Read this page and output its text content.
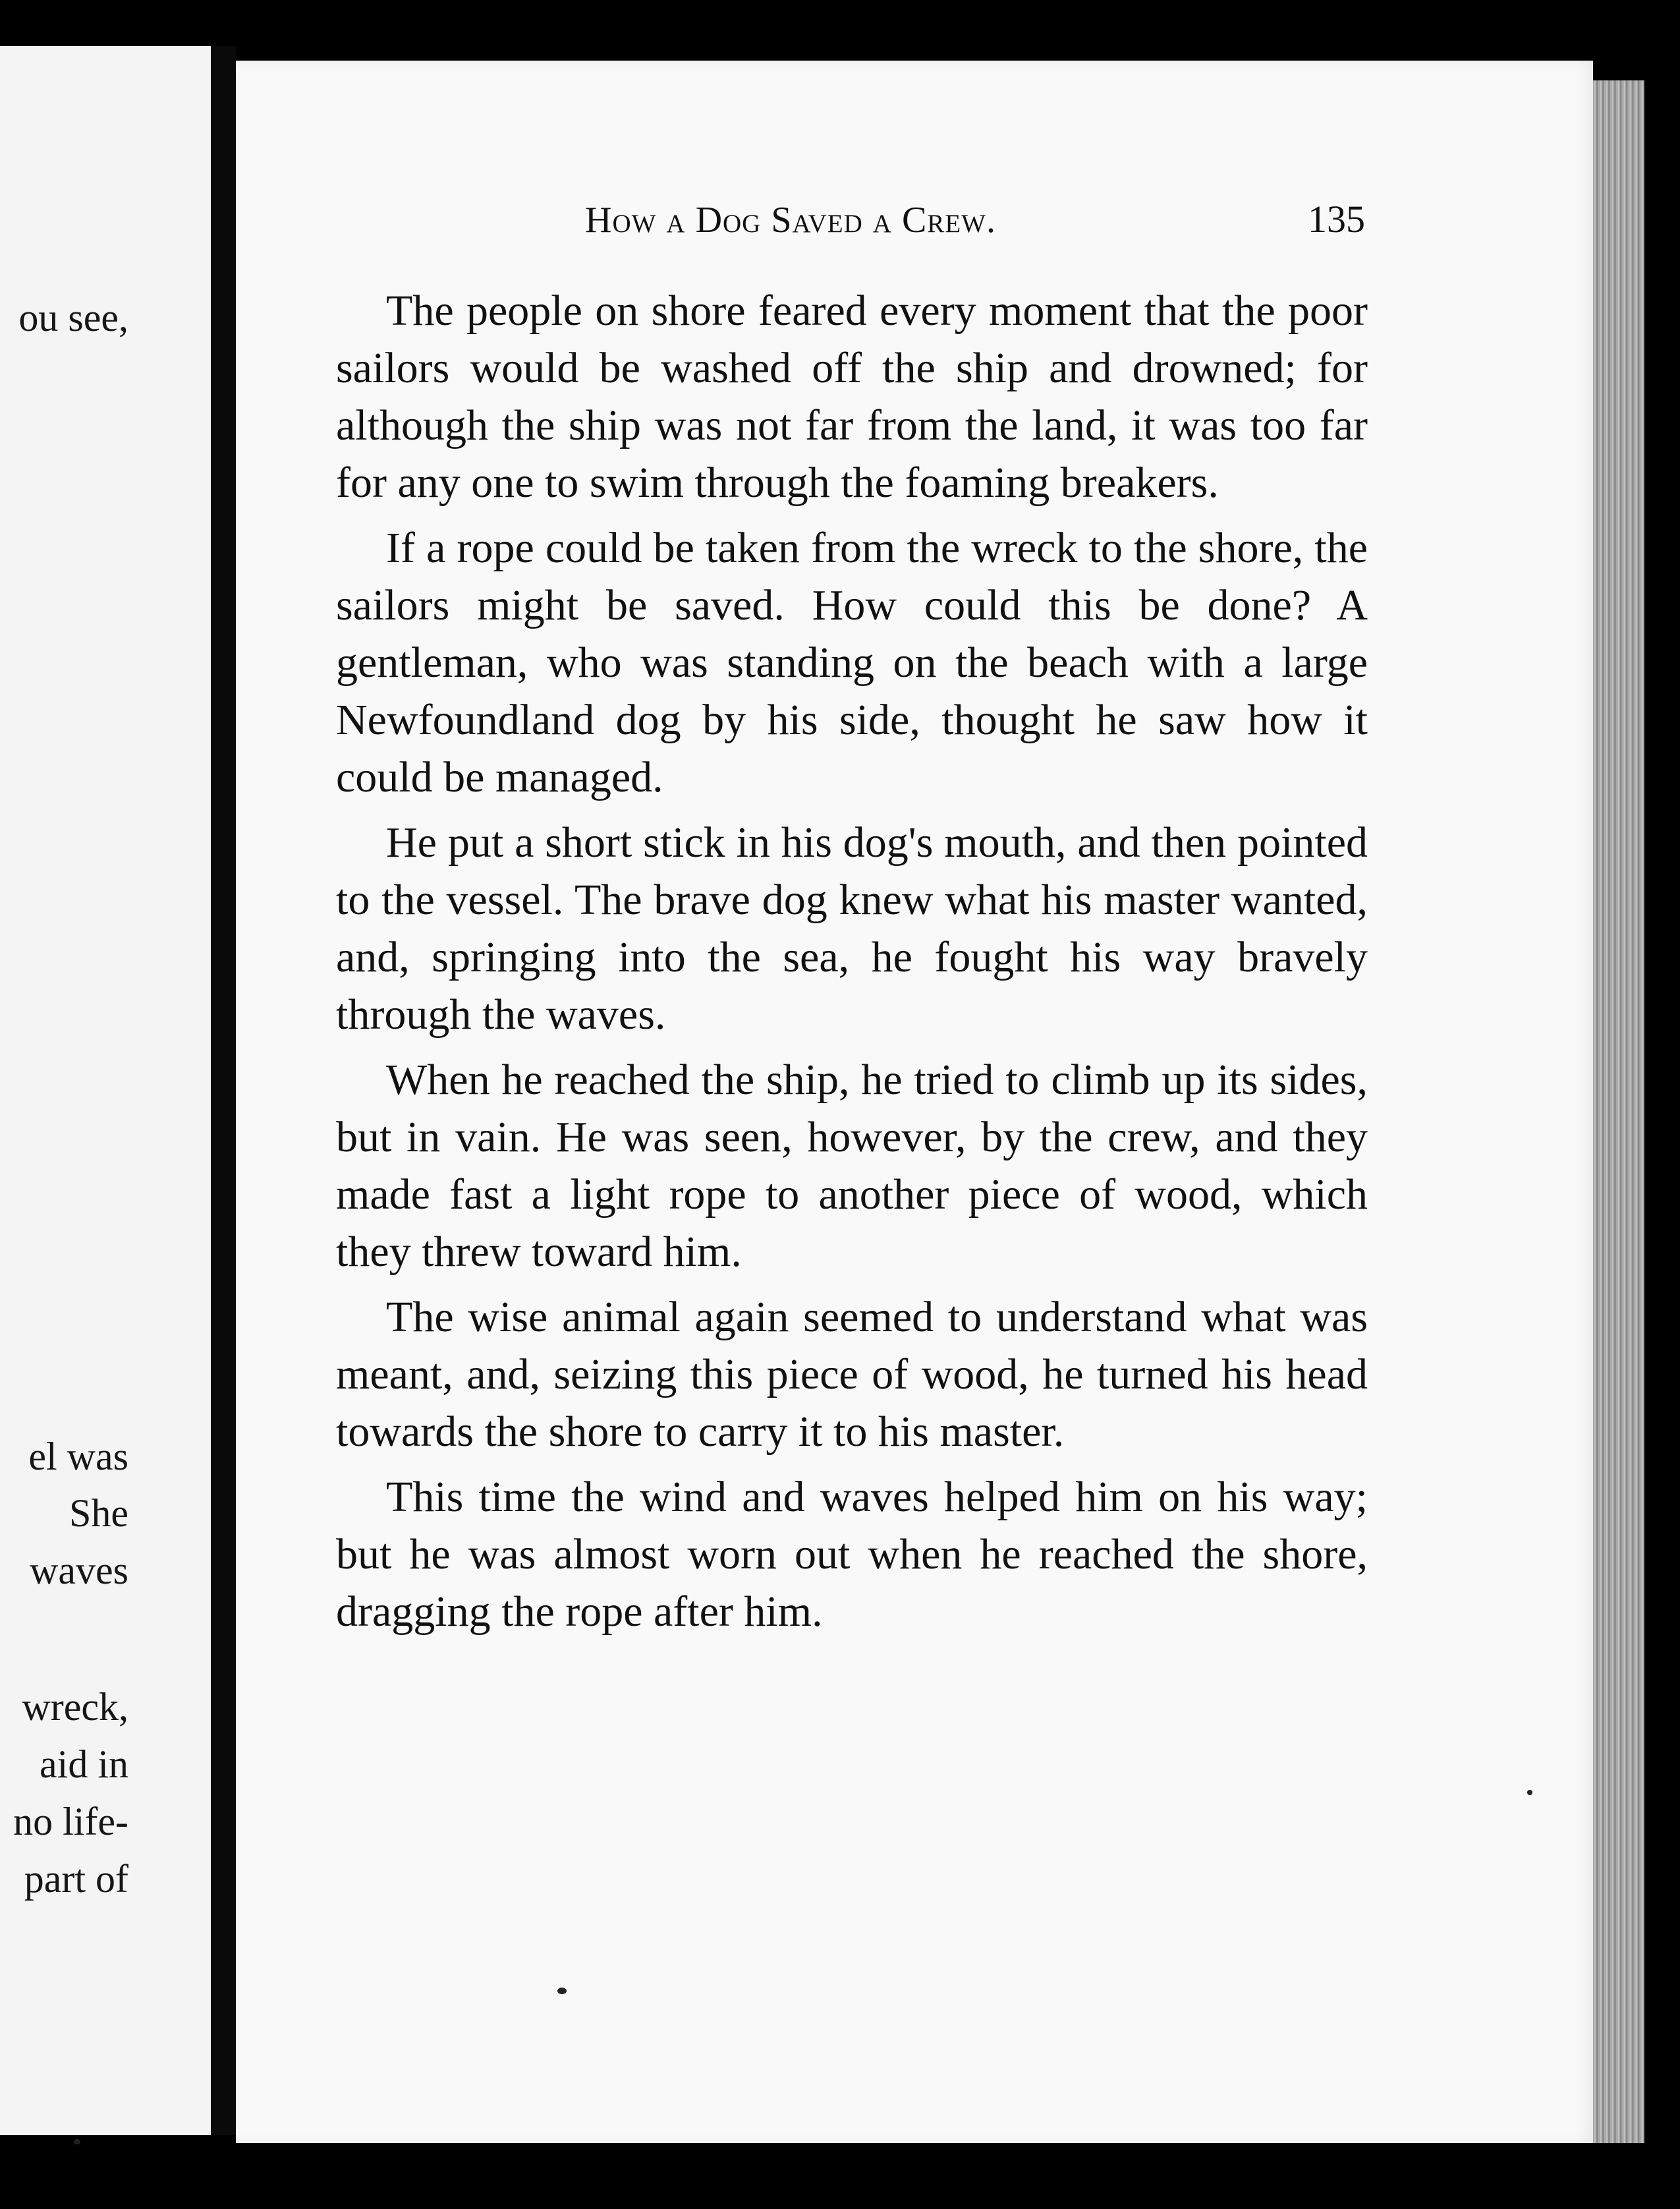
ou see,
el was
She
waves
wreck,
aid in
no life-
part of
How a Dog Saved a Crew.	135

The people on shore feared every moment that the poor sailors would be washed off the ship and drowned; for although the ship was not far from the land, it was too far for any one to swim through the foaming breakers.

If a rope could be taken from the wreck to the shore, the sailors might be saved. How could this be done? A gentleman, who was standing on the beach with a large Newfoundland dog by his side, thought he saw how it could be managed.

He put a short stick in his dog's mouth, and then pointed to the vessel. The brave dog knew what his master wanted, and, springing into the sea, he fought his way bravely through the waves.

When he reached the ship, he tried to climb up its sides, but in vain. He was seen, however, by the crew, and they made fast a light rope to another piece of wood, which they threw toward him.

The wise animal again seemed to understand what was meant, and, seizing this piece of wood, he turned his head towards the shore to carry it to his master.

This time the wind and waves helped him on his way; but he was almost worn out when he reached the shore, dragging the rope after him.
